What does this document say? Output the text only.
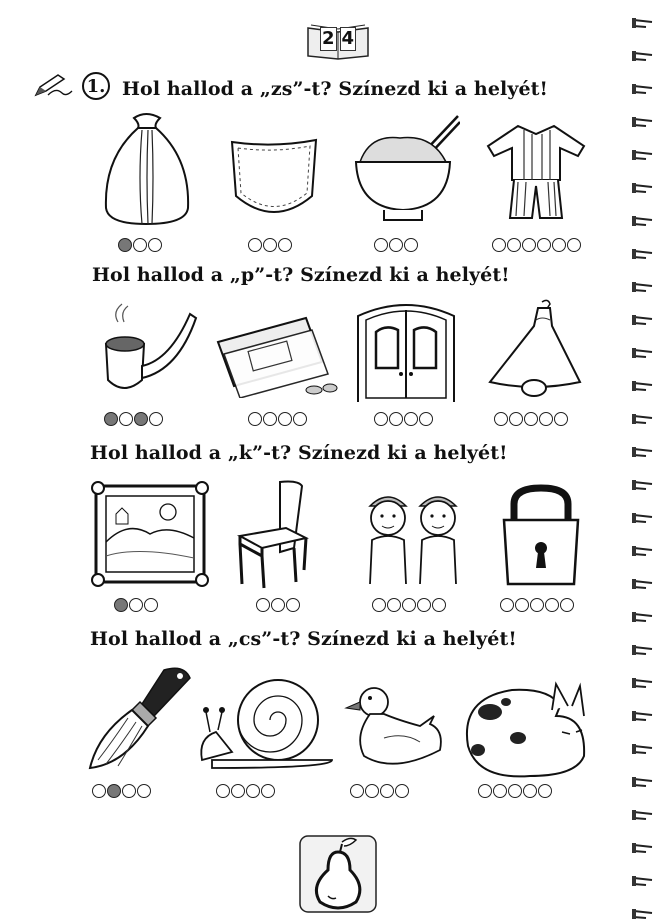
2 4
1. Hol hallod a „zs”-t? Színezd ki a helyét!
Hol hallod a „p”-t? Színezd ki a helyét!
Hol hallod a „k”-t? Színezd ki a helyét!
Hol hallod a „cs”-t? Színezd ki a helyét!
